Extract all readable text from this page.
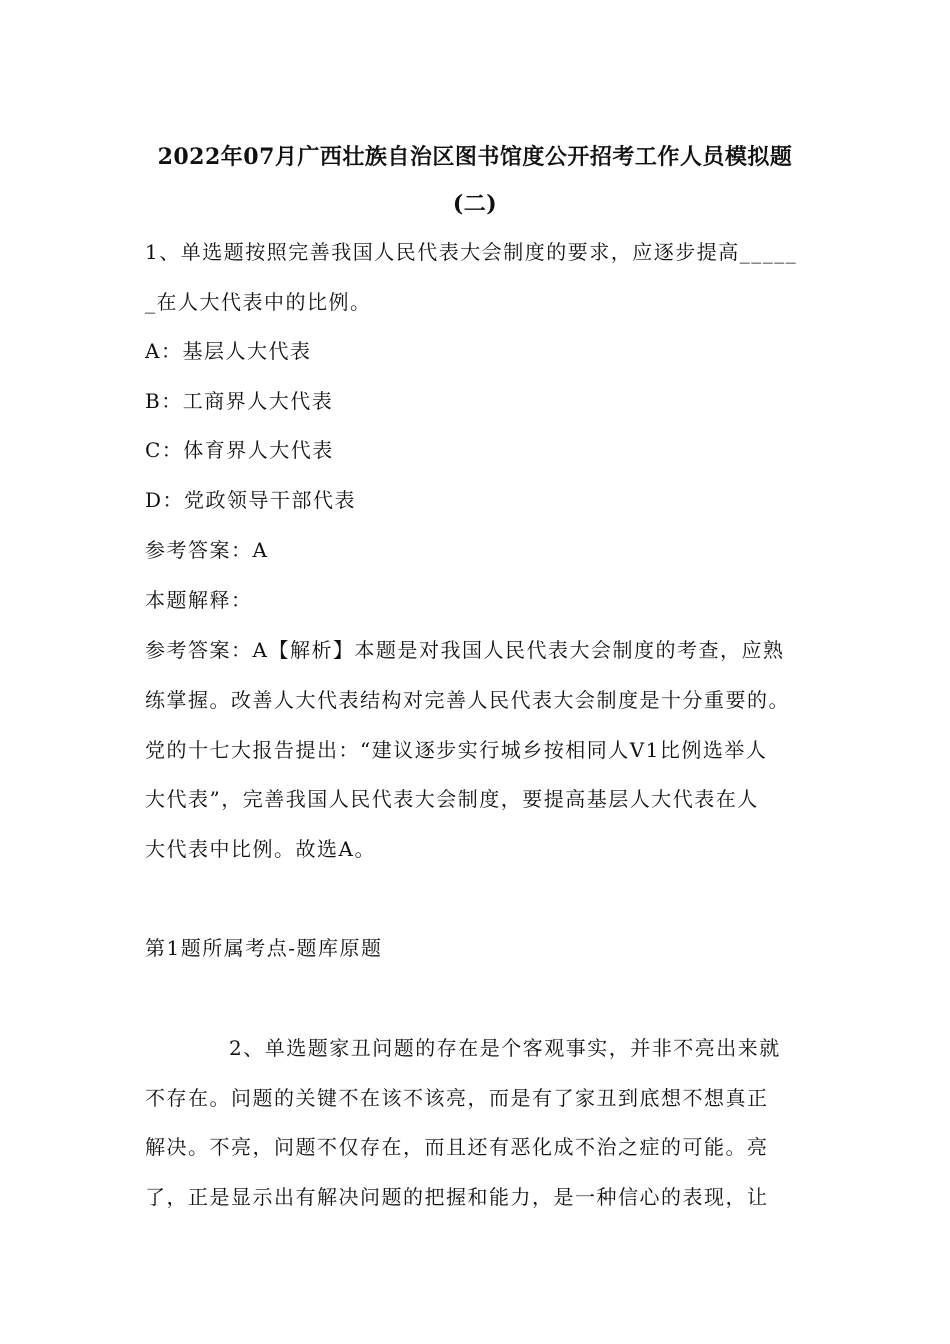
2022年07月广西壮族自治区图书馆度公开招考工作人员模拟题
(二)
1、单选题按照完善我国人民代表大会制度的要求，应逐步提高_____
_在人大代表中的比例。
A：基层人大代表
B：工商界人大代表
C：体育界人大代表
D：党政领导干部代表
参考答案：A
本题解释：
参考答案：A【解析】本题是对我国人民代表大会制度的考查，应熟
练掌握。改善人大代表结构对完善人民代表大会制度是十分重要的。
党的十七大报告提出：“建议逐步实行城乡按相同人V1比例选举人
大代表”，完善我国人民代表大会制度，要提高基层人大代表在人
大代表中比例。故选A。
第1题所属考点-题库原题
2、单选题家丑问题的存在是个客观事实，并非不亮出来就
不存在。问题的关键不在该不该亮，而是有了家丑到底想不想真正
解决。不亮，问题不仅存在，而且还有恶化成不治之症的可能。亮
了，正是显示出有解决问题的把握和能力，是一种信心的表现，让
